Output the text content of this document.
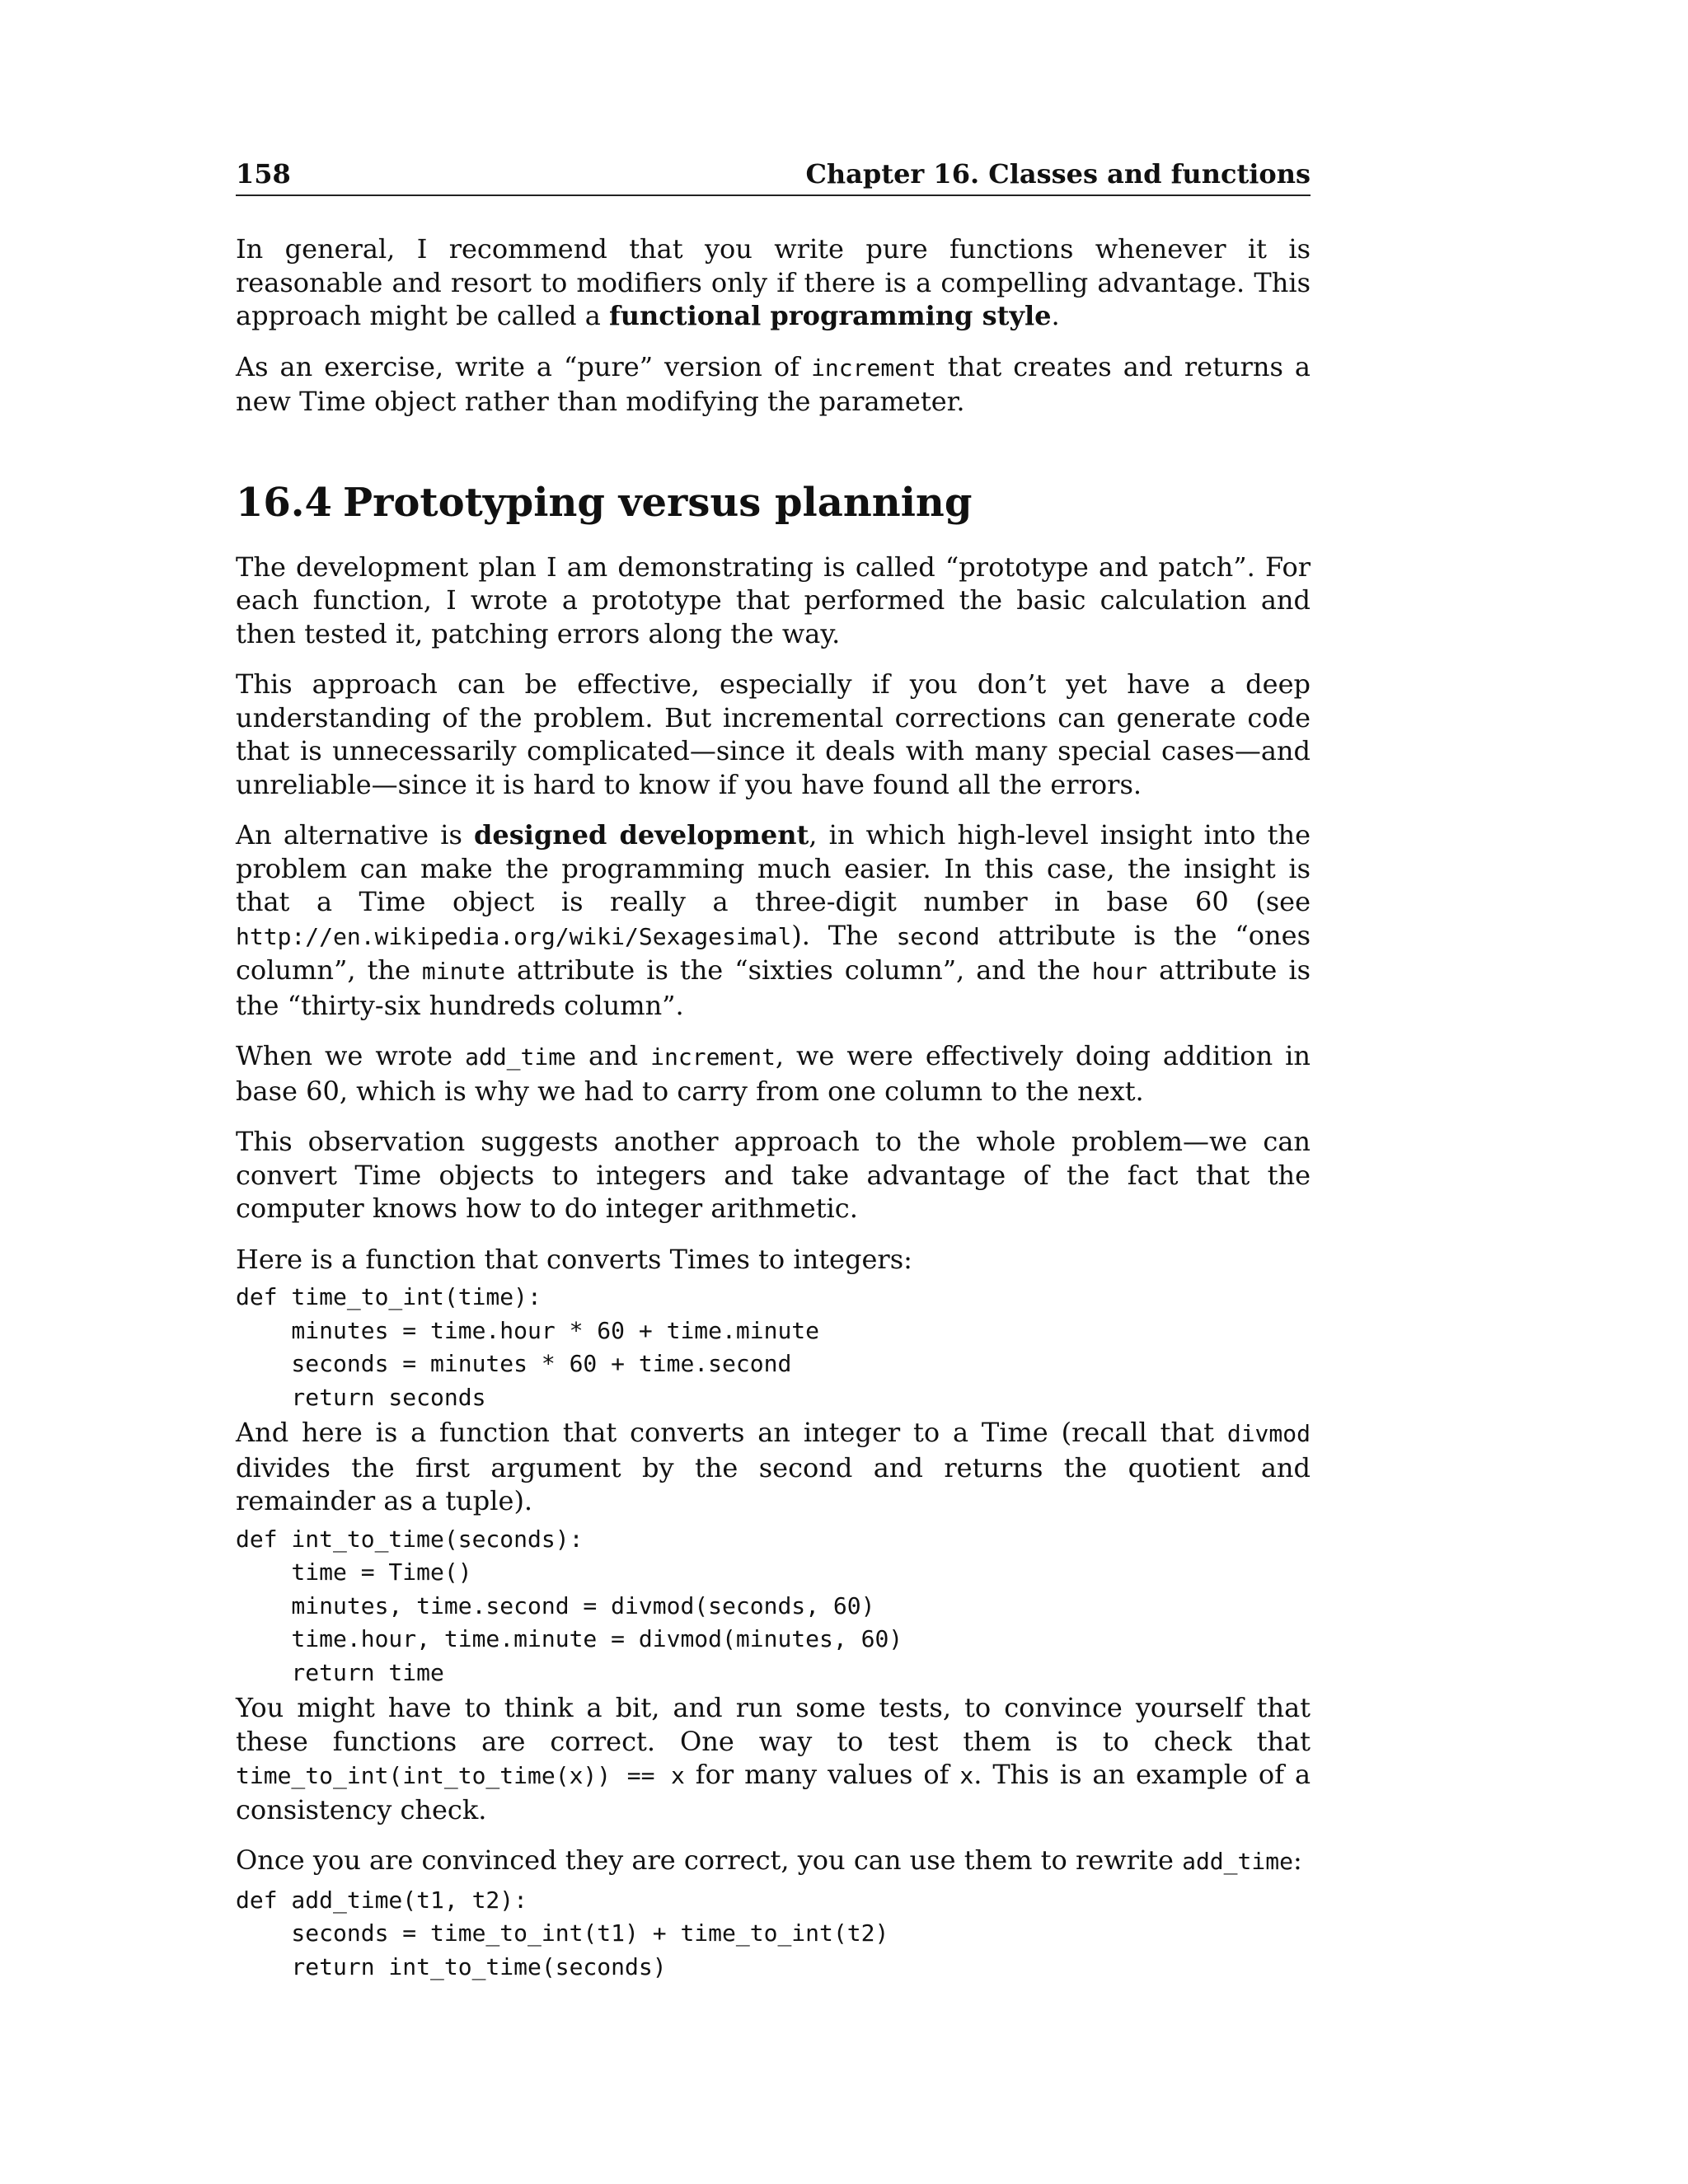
158	Chapter 16. Classes and functions

In general, I recommend that you write pure functions whenever it is reasonable and resort to modifiers only if there is a compelling advantage. This approach might be called a functional programming style.

As an exercise, write a “pure” version of increment that creates and returns a new Time object rather than modifying the parameter.

16.4 Prototyping versus planning

The development plan I am demonstrating is called “prototype and patch”. For each function, I wrote a prototype that performed the basic calculation and then tested it, patching errors along the way.

This approach can be effective, especially if you don’t yet have a deep understanding of the problem. But incremental corrections can generate code that is unnecessarily complicated—since it deals with many special cases—and unreliable—since it is hard to know if you have found all the errors.

An alternative is designed development, in which high-level insight into the problem can make the programming much easier. In this case, the insight is that a Time object is really a three-digit number in base 60 (see http://en.wikipedia.org/wiki/Sexagesimal). The second attribute is the “ones column”, the minute attribute is the “sixties column”, and the hour attribute is the “thirty-six hundreds column”.

When we wrote add_time and increment, we were effectively doing addition in base 60, which is why we had to carry from one column to the next.

This observation suggests another approach to the whole problem—we can convert Time objects to integers and take advantage of the fact that the computer knows how to do integer arithmetic.

Here is a function that converts Times to integers:

def time_to_int(time):
minutes = time.hour * 60 + time.minute
seconds = minutes * 60 + time.second
return seconds

And here is a function that converts an integer to a Time (recall that divmod divides the first argument by the second and returns the quotient and remainder as a tuple).

def int_to_time(seconds):
time = Time()
minutes, time.second = divmod(seconds, 60)
time.hour, time.minute = divmod(minutes, 60)
return time

You might have to think a bit, and run some tests, to convince yourself that these functions are correct. One way to test them is to check that time_to_int(int_to_time(x)) == x for many values of x. This is an example of a consistency check.

Once you are convinced they are correct, you can use them to rewrite add_time:

def add_time(t1, t2):
seconds = time_to_int(t1) + time_to_int(t2)
return int_to_time(seconds)
